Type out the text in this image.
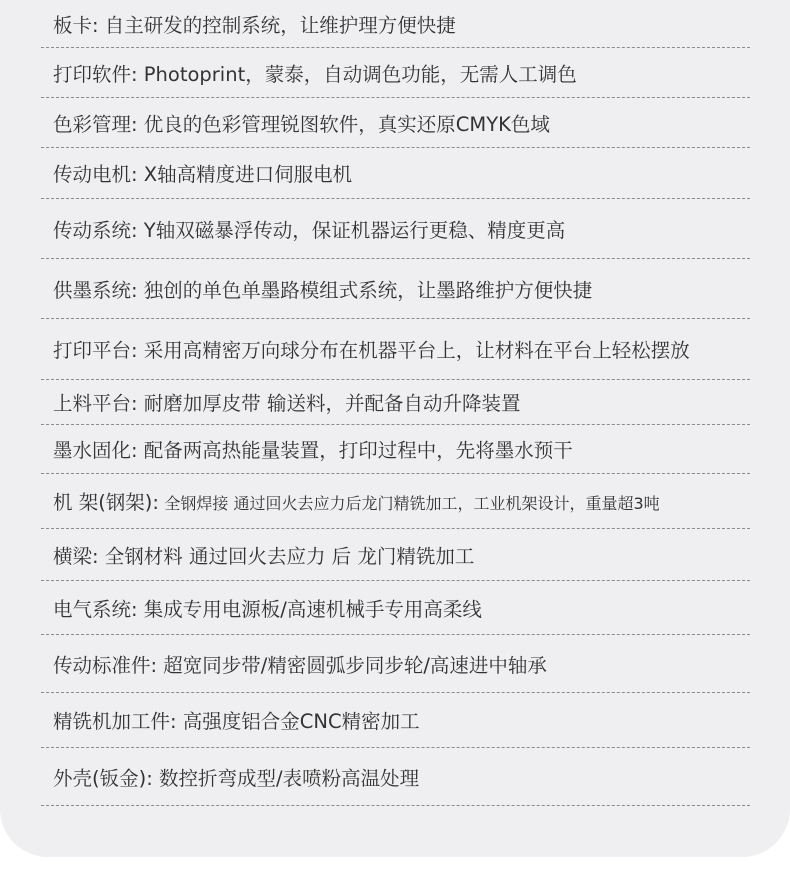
板卡: 自主研发的控制系统，让维护理方便快捷
打印软件: Photoprint，蒙泰，自动调色功能，无需人工调色
色彩管理: 优良的色彩管理锐图软件，真实还原CMYK色域
传动电机: X轴高精度进口伺服电机
传动系统: Y轴双磁暴浮传动，保证机器运行更稳、精度更高
供墨系统: 独创的单色单墨路模组式系统，让墨路维护方便快捷
打印平台: 采用高精密万向球分布在机器平台上，让材料在平台上轻松摆放
上料平台: 耐磨加厚皮带 输送料，并配备自动升降装置
墨水固化: 配备两高热能量装置，打印过程中，先将墨水预干
机 架(钢架): 全钢焊接 通过回火去应力后龙门精铣加工，工业机架设计，重量超3吨
横梁: 全钢材料 通过回火去应力 后 龙门精铣加工
电气系统: 集成专用电源板/高速机械手专用高柔线
传动标准件: 超宽同步带/精密圆弧步同步轮/高速进中轴承
精铣机加工件: 高强度铝合金CNC精密加工
外壳(钣金): 数控折弯成型/表喷粉高温处理
